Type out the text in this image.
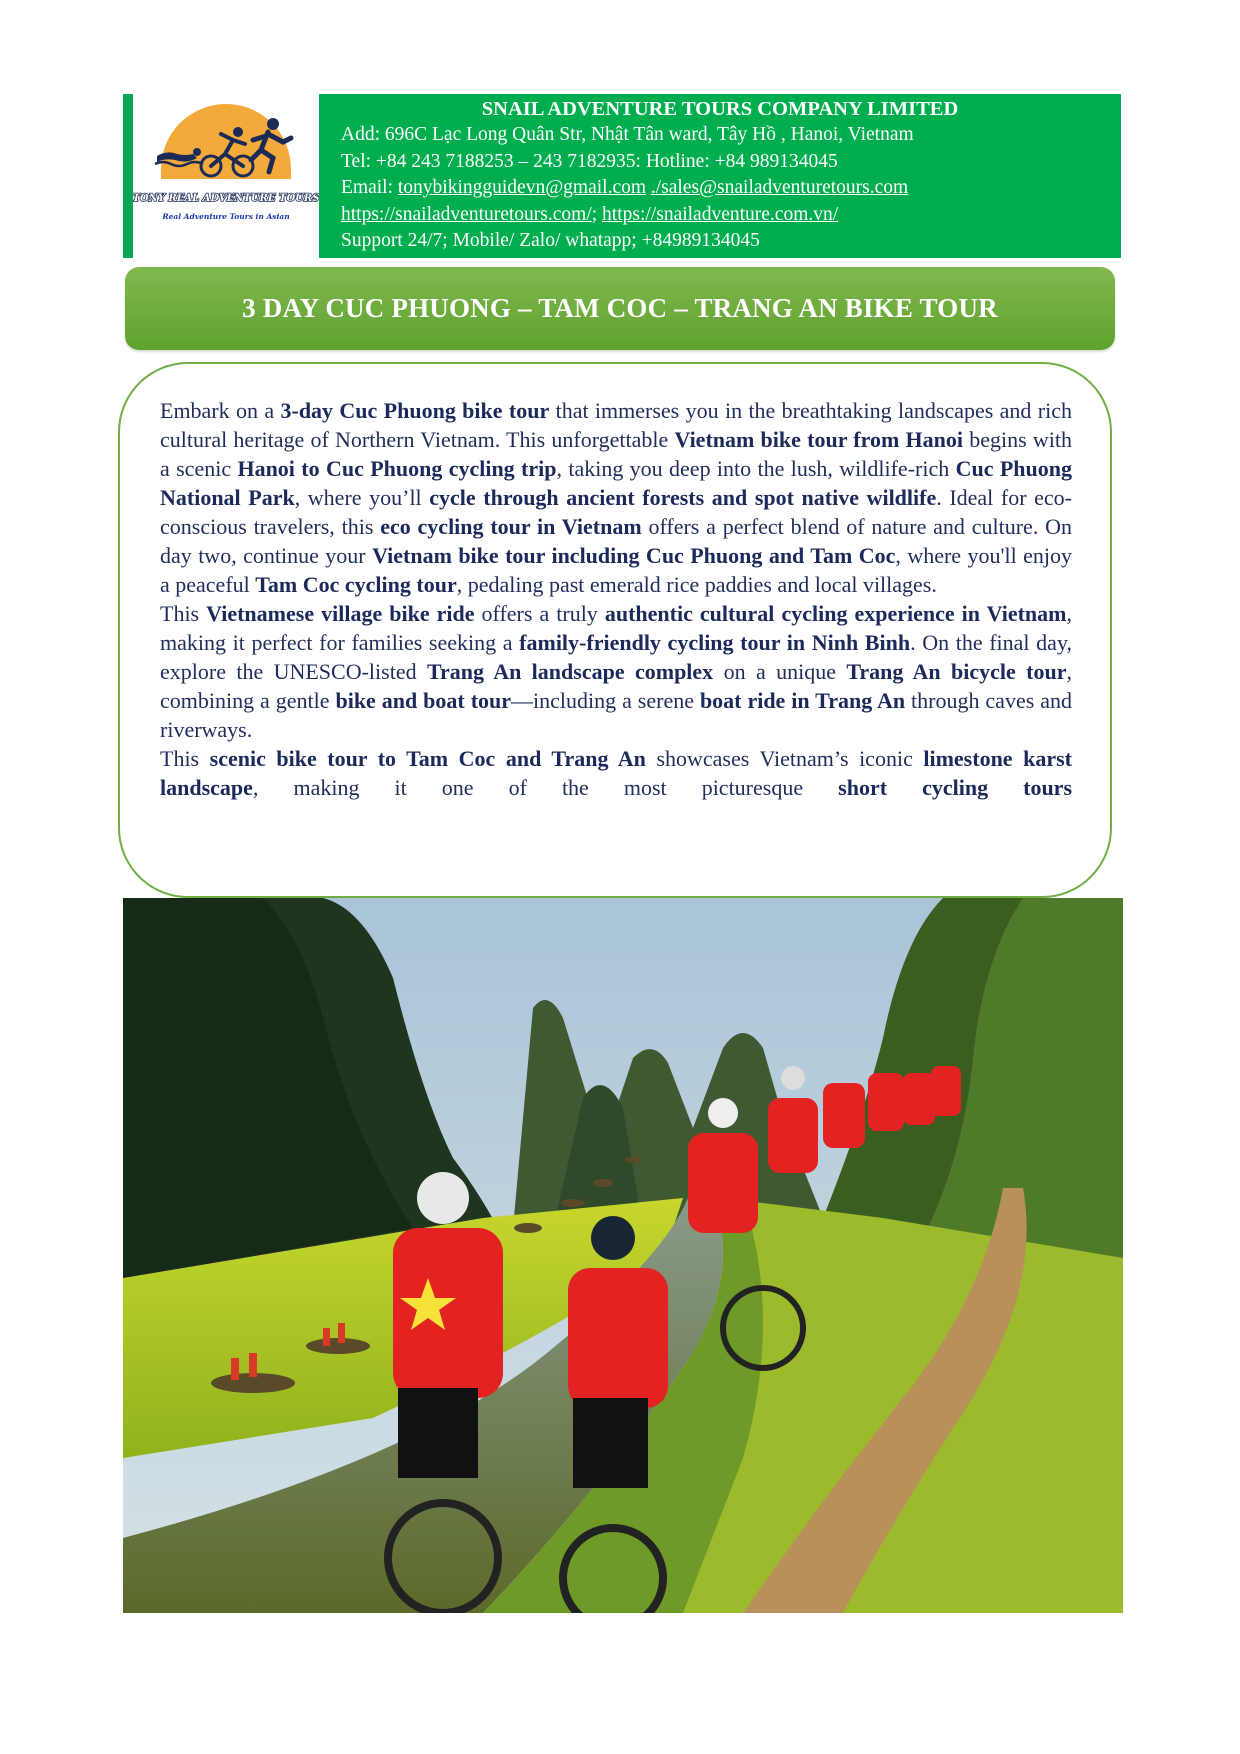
TONY REAL ADVENTURE TOURS
Real Adventure Tours in Asian
SNAIL ADVENTURE TOURS COMPANY LIMITED
Add: 696C Lạc Long Quân Str, Nhật Tân ward, Tây Hồ , Hanoi, Vietnam
Tel: +84 243 7188253 – 243 7182935: Hotline: +84 989134045
Email: tonybikingguidevn@gmail.com ./sales@snailadventuretours.com
https://snailadventuretours.com/; https://snailadventure.com.vn/
Support 24/7; Mobile/ Zalo/ whatapp; +84989134045
3 DAY CUC PHUONG – TAM COC – TRANG AN BIKE TOUR

Embark on a 3-day Cuc Phuong bike tour that immerses you in the breathtaking landscapes and rich cultural heritage of Northern Vietnam. This unforgettable Vietnam bike tour from Hanoi begins with a scenic Hanoi to Cuc Phuong cycling trip, taking you deep into the lush, wildlife-rich Cuc Phuong National Park, where you’ll cycle through ancient forests and spot native wildlife. Ideal for eco-conscious travelers, this eco cycling tour in Vietnam offers a perfect blend of nature and culture. On day two, continue your Vietnam bike tour including Cuc Phuong and Tam Coc, where you'll enjoy a peaceful Tam Coc cycling tour, pedaling past emerald rice paddies and local villages.

This Vietnamese village bike ride offers a truly authentic cultural cycling experience in Vietnam, making it perfect for families seeking a family-friendly cycling tour in Ninh Binh. On the final day, explore the UNESCO-listed Trang An landscape complex on a unique Trang An bicycle tour, combining a gentle bike and boat tour—including a serene boat ride in Trang An through caves and riverways.

This scenic bike tour to Tam Coc and Trang An showcases Vietnam’s iconic limestone karst landscape, making it one of the most picturesque short cycling tours
